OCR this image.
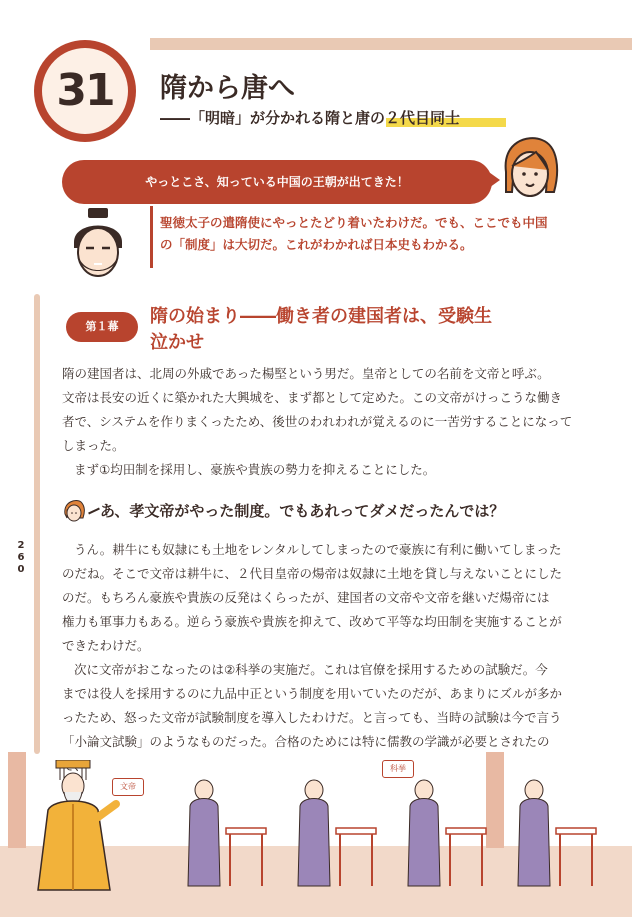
31	隋から唐へ
――「明暗」が分かれる隋と唐の２代目同士
やっとこさ、知っている中国の王朝が出てきた！
聖徳太子の遣隋使にやっとたどり着いたわけだ。でも、ここでも中国
の「制度」は大切だ。これがわかれば日本史もわかる。
2
6
0
第１幕	隋の始まり――働き者の建国者は、受験生
泣かせ
隋の建国者は、北周の外戚であった楊堅という男だ。皇帝としての名前を文帝と呼ぶ。
文帝は長安の近くに築かれた大興城を、まず都として定めた。この文帝がけっこうな働き
者で、システムを作りまくったため、後世のわれわれが覚えるのに一苦労することになって
しまった。
まず①均田制を採用し、豪族や貴族の勢力を抑えることにした。
あ、孝文帝がやった制度。でもあれってダメだったんでは？
うん。耕牛にも奴隷にも土地をレンタルしてしまったので豪族に有利に働いてしまった
のだね。そこで文帝は耕牛に、２代目皇帝の煬帝は奴隷に土地を貸し与えないことにした
のだ。もちろん豪族や貴族の反発はくらったが、建国者の文帝や文帝を継いだ煬帝には
権力も軍事力もある。逆らう豪族や貴族を抑えて、改めて平等な均田制を実施することが
できたわけだ。
次に文帝がおこなったのは②科挙の実施だ。これは官僚を採用するための試験だ。今
までは役人を採用するのに九品中正という制度を用いていたのだが、あまりにズルが多か
ったため、怒った文帝が試験制度を導入したわけだ。と言っても、当時の試験は今で言う
「小論文試験」のようなものだった。合格のためには特に儒教の学識が必要とされたの
文帝
科挙
